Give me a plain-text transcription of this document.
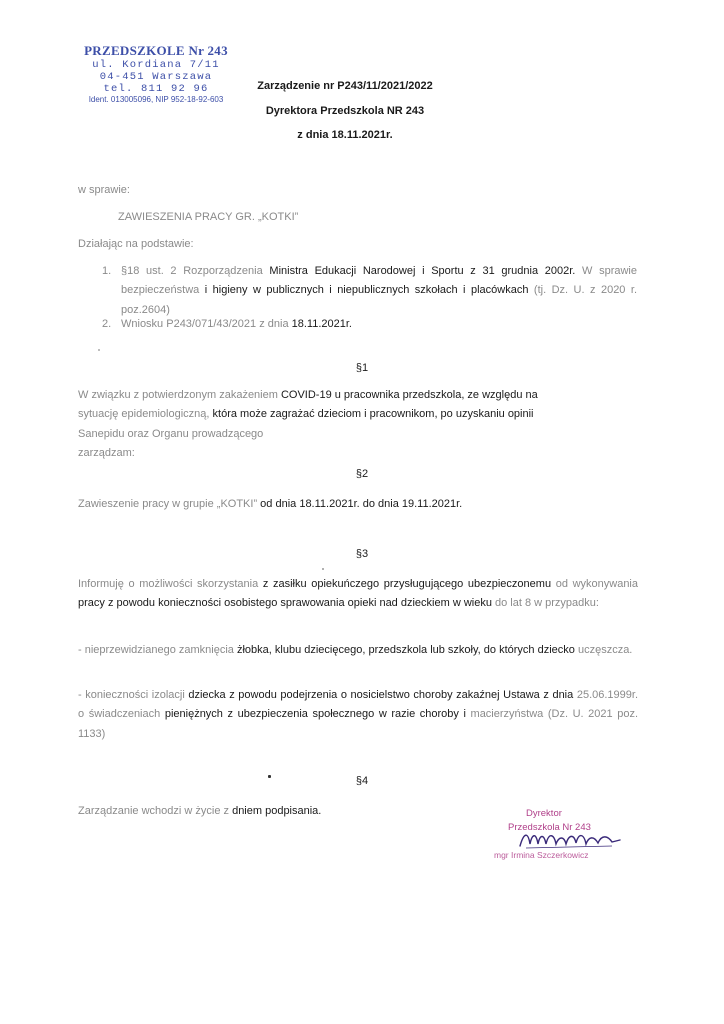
PRZEDSZKOLE Nr 243
ul. Kordiana 7/11
04-451 Warszawa
tel. 811 92 96
Ident. 013005096, NIP 952-18-92-603
Zarządzenie nr P243/11/2021/2022
Dyrektora Przedszkola NR 243
z dnia 18.11.2021r.
w sprawie:
ZAWIESZENIA PRACY GR. „KOTKI”
Działając na podstawie:
1. §18 ust. 2 Rozporządzenia Ministra Edukacji Narodowej i Sportu z 31 grudnia 2002r. W sprawie bezpieczeństwa i higieny w publicznych i niepublicznych szkołach i placówkach (tj. Dz. U. z 2020 r. poz.2604)
2. Wniosku P243/071/43/2021 z dnia 18.11.2021r.
§1
W związku z potwierdzonym zakażeniem COVID-19 u pracownika przedszkola, ze względu na
sytuację epidemiologiczną, która może zagrażać dzieciom i pracownikom, po uzyskaniu opinii
Sanepidu oraz Organu prowadzącego
zarządzam:
§2
Zawieszenie pracy w grupie „KOTKI” od dnia 18.11.2021r. do dnia 19.11.2021r.
§3
Informuję o możliwości skorzystania z zasiłku opiekuńczego przysługującego ubezpieczonemu od wykonywania pracy z powodu konieczności osobistego sprawowania opieki nad dzieckiem w wieku do lat 8 w przypadku:
- nieprzewidzianego zamknięcia żłobka, klubu dziecięcego, przedszkola lub szkoły, do których dziecko uczęszcza.
- konieczności izolacji dziecka z powodu podejrzenia o nosicielstwo choroby zakaźnej Ustawa z dnia 25.06.1999r. o świadczeniach pieniężnych z ubezpieczenia społecznego w razie choroby i macierzyństwa (Dz. U. 2021 poz. 1133)
§4
Zarządzanie wchodzi w życie z dniem podpisania.	Dyrektor
Przedszkola Nr 243
mgr Irmina Szczerkowicz
